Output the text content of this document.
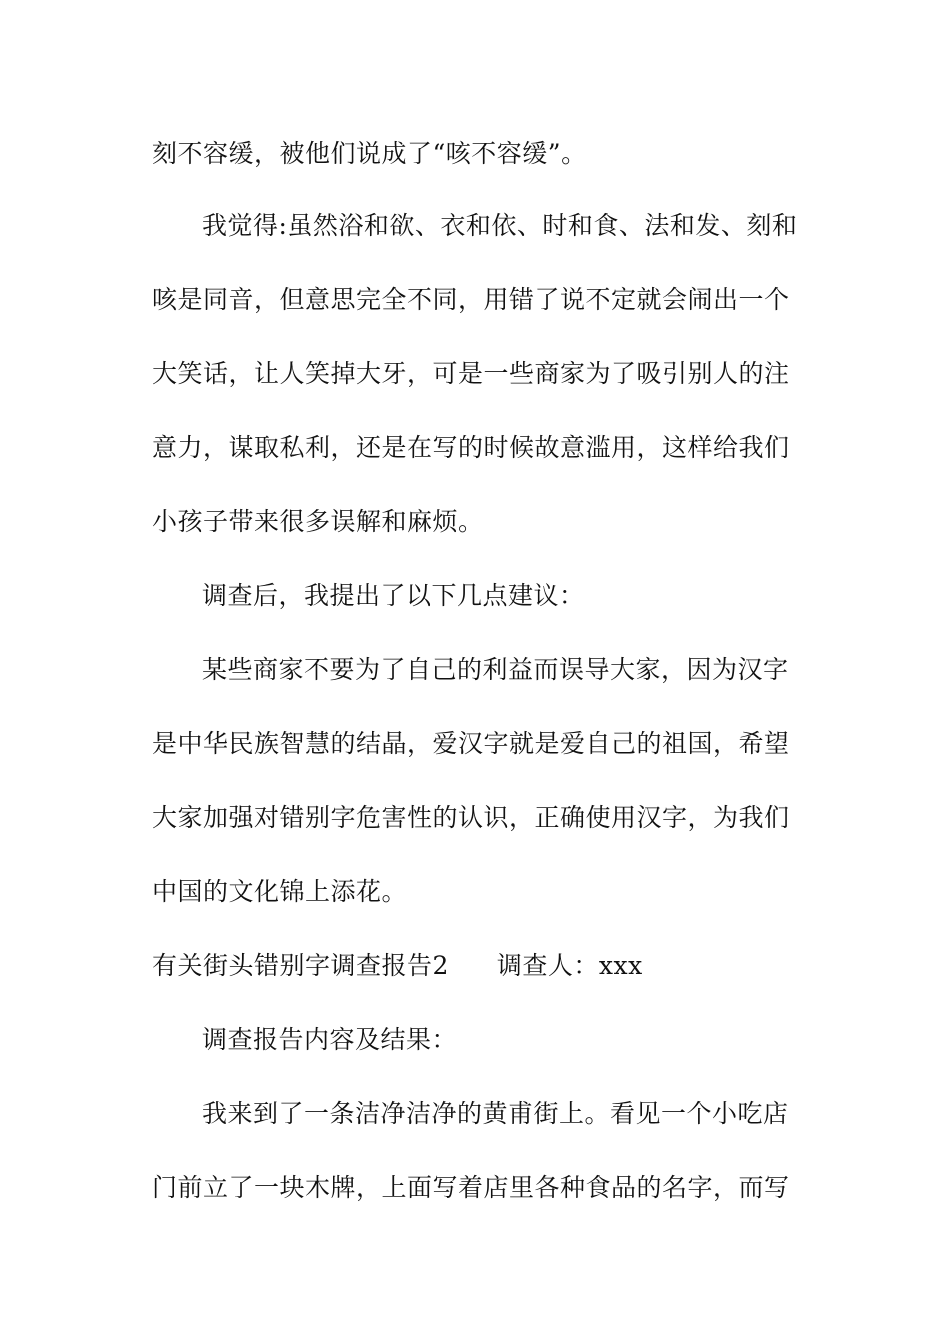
刻不容缓，被他们说成了“咳不容缓”。
我觉得:虽然浴和欲、衣和依、时和食、法和发、刻和
咳是同音，但意思完全不同，用错了说不定就会闹出一个
大笑话，让人笑掉大牙，可是一些商家为了吸引别人的注
意力，谋取私利，还是在写的时候故意滥用，这样给我们
小孩子带来很多误解和麻烦。
调查后，我提出了以下几点建议：
某些商家不要为了自己的利益而误导大家，因为汉字
是中华民族智慧的结晶，爱汉字就是爱自己的祖国，希望
大家加强对错别字危害性的认识，正确使用汉字，为我们
中国的文化锦上添花。
有关街头错别字调查报告2 调查人：xxx
调查报告内容及结果：
我来到了一条洁净洁净的黄甫街上。看见一个小吃店
门前立了一块木牌，上面写着店里各种食品的名字，而写
